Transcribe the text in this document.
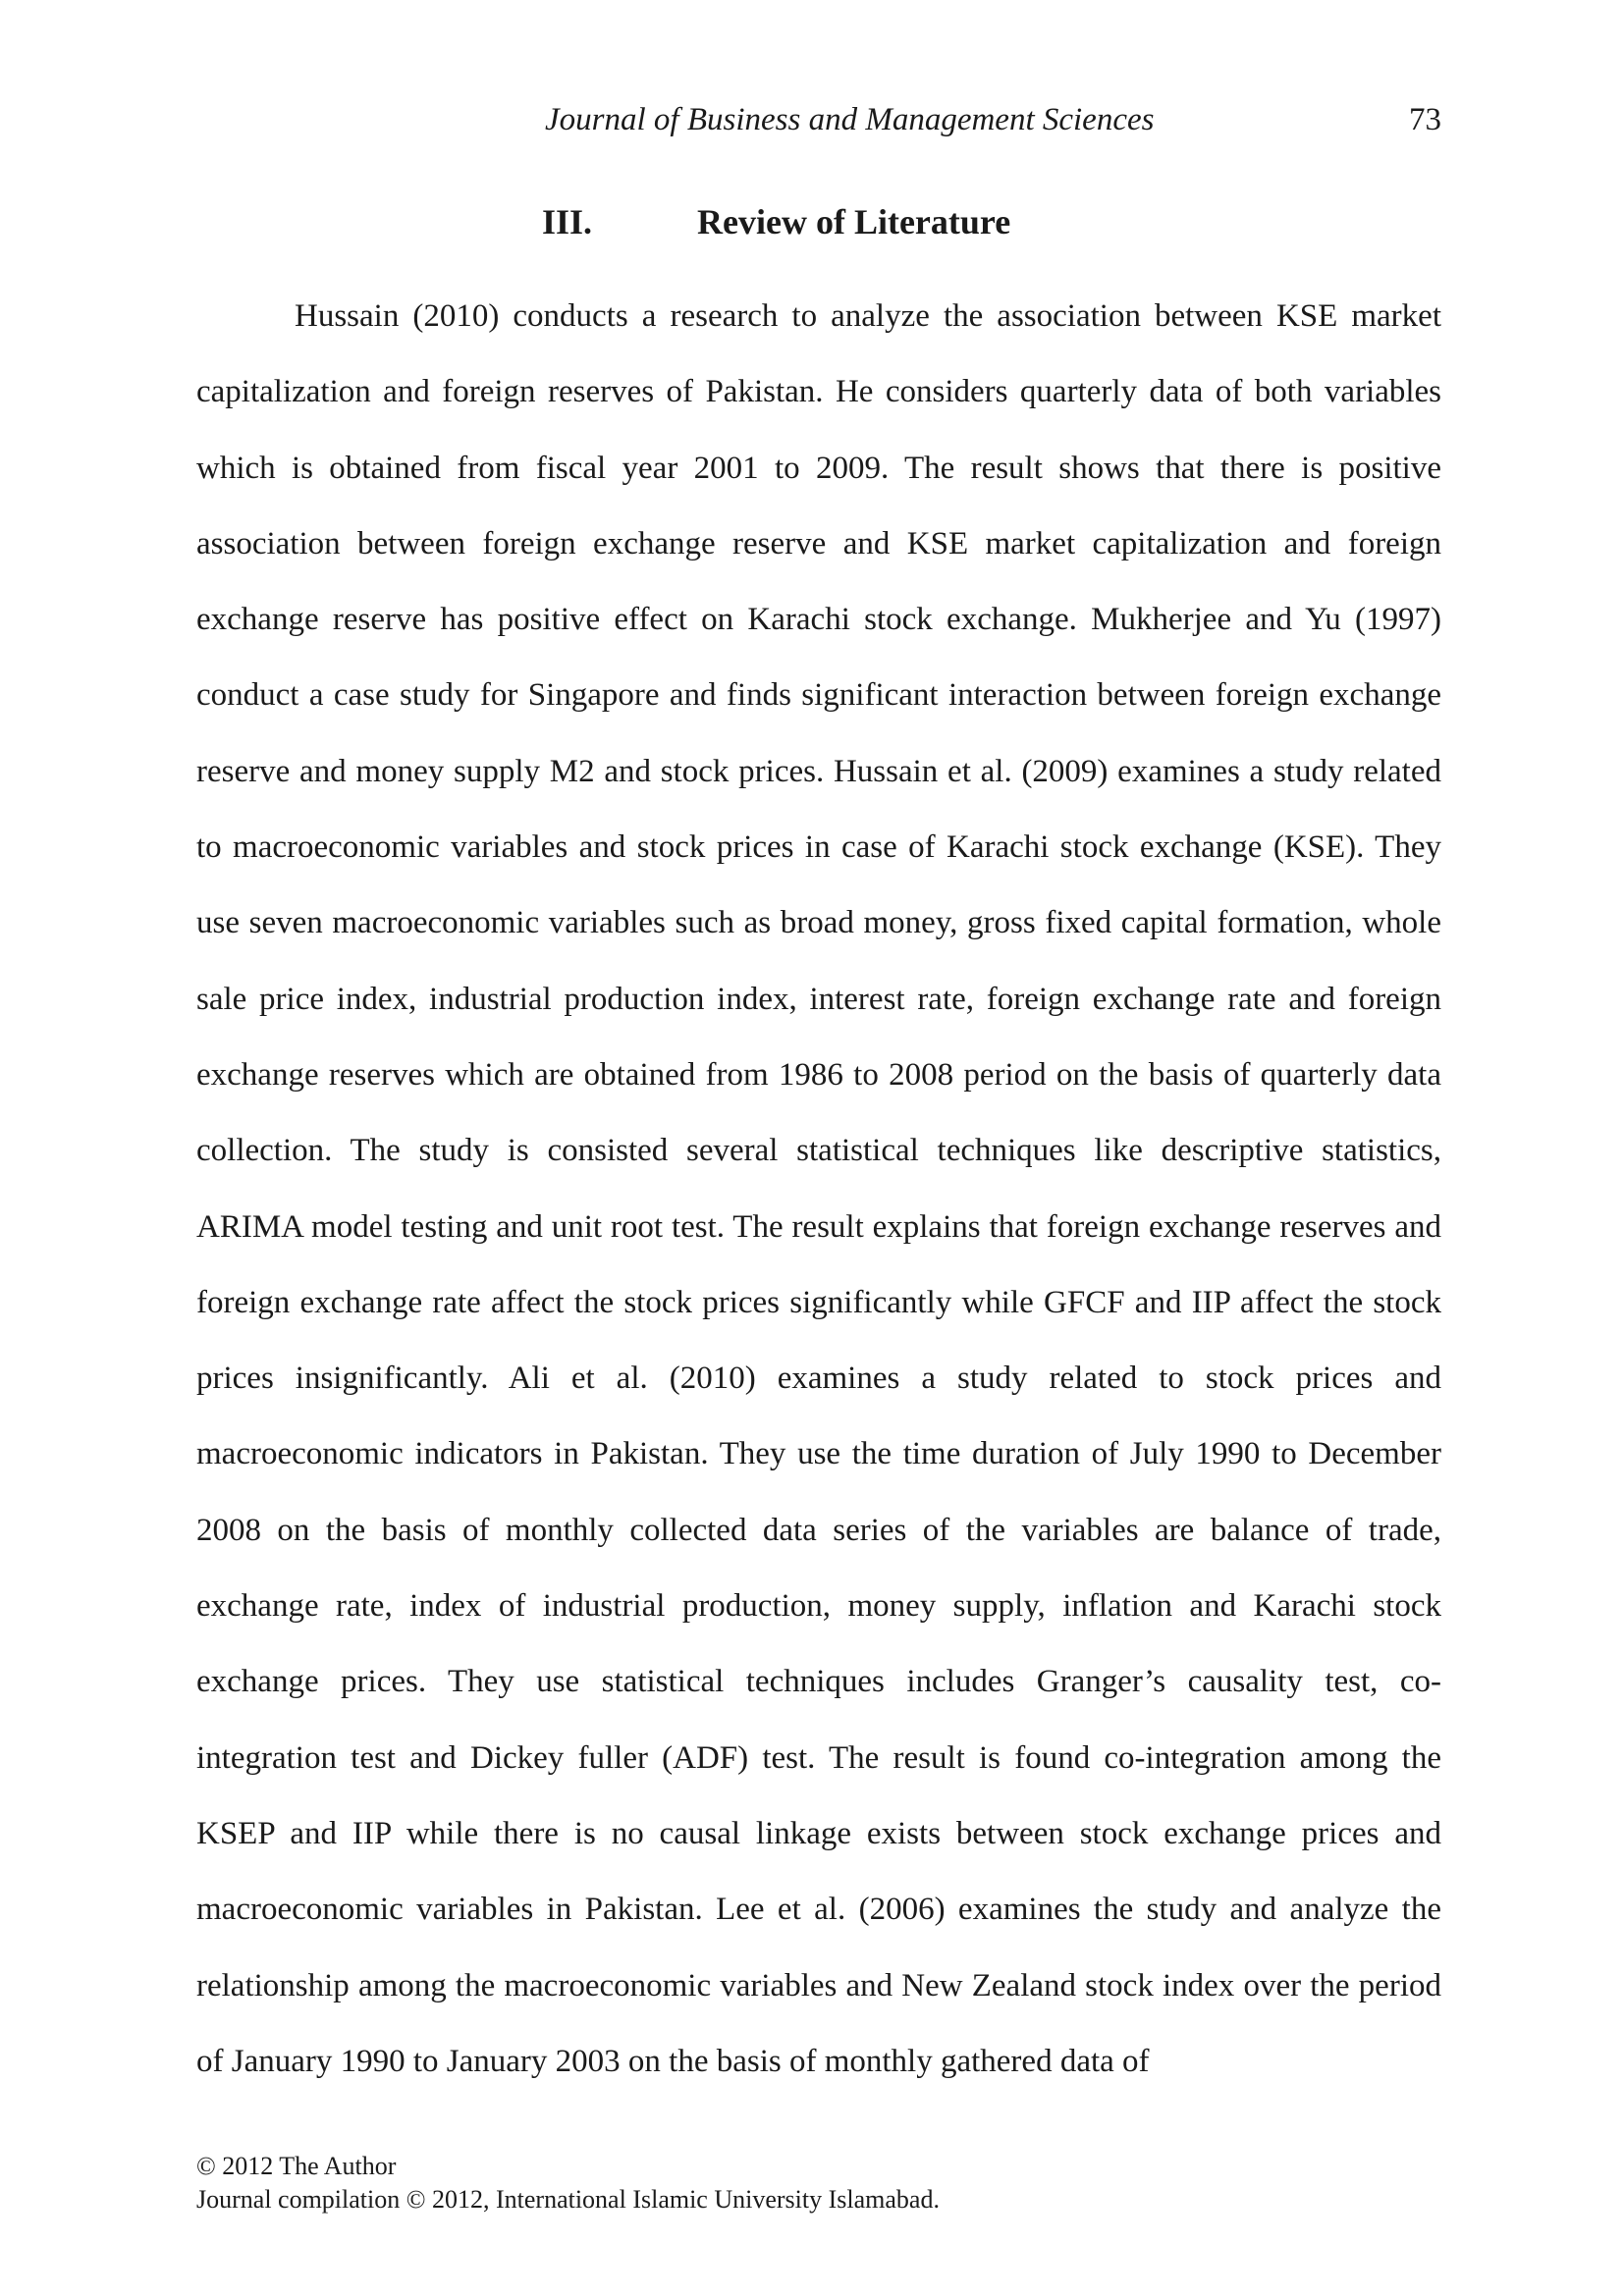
Journal of Business and Management Sciences	73
III.	Review of Literature

Hussain (2010) conducts a research to analyze the association between KSE market capitalization and foreign reserves of Pakistan. He considers quarterly data of both variables which is obtained from fiscal year 2001 to 2009. The result shows that there is positive association between foreign exchange reserve and KSE market capitalization and foreign exchange reserve has positive effect on Karachi stock exchange. Mukherjee and Yu (1997) conduct a case study for Singapore and finds significant interaction between foreign exchange reserve and money supply M2 and stock prices. Hussain et al. (2009) examines a study related to macroeconomic variables and stock prices in case of Karachi stock exchange (KSE). They use seven macroeconomic variables such as broad money, gross fixed capital formation, whole sale price index, industrial production index, interest rate, foreign exchange rate and foreign exchange reserves which are obtained from 1986 to 2008 period on the basis of quarterly data collection. The study is consisted several statistical techniques like descriptive statistics, ARIMA model testing and unit root test. The result explains that foreign exchange reserves and foreign exchange rate affect the stock prices significantly while GFCF and IIP affect the stock prices insignificantly. Ali et al. (2010) examines a study related to stock prices and macroeconomic indicators in Pakistan. They use the time duration of July 1990 to December 2008 on the basis of monthly collected data series of the variables are balance of trade, exchange rate, index of industrial production, money supply, inflation and Karachi stock exchange prices. They use statistical techniques includes Granger’s causality test, co-integration test and Dickey fuller (ADF) test. The result is found co-integration among the KSEP and IIP while there is no causal linkage exists between stock exchange prices and macroeconomic variables in Pakistan. Lee et al. (2006) examines the study and analyze the relationship among the macroeconomic variables and New Zealand stock index over the period of January 1990 to January 2003 on the basis of monthly gathered data of

© 2012 The Author
Journal compilation © 2012, International Islamic University Islamabad.
